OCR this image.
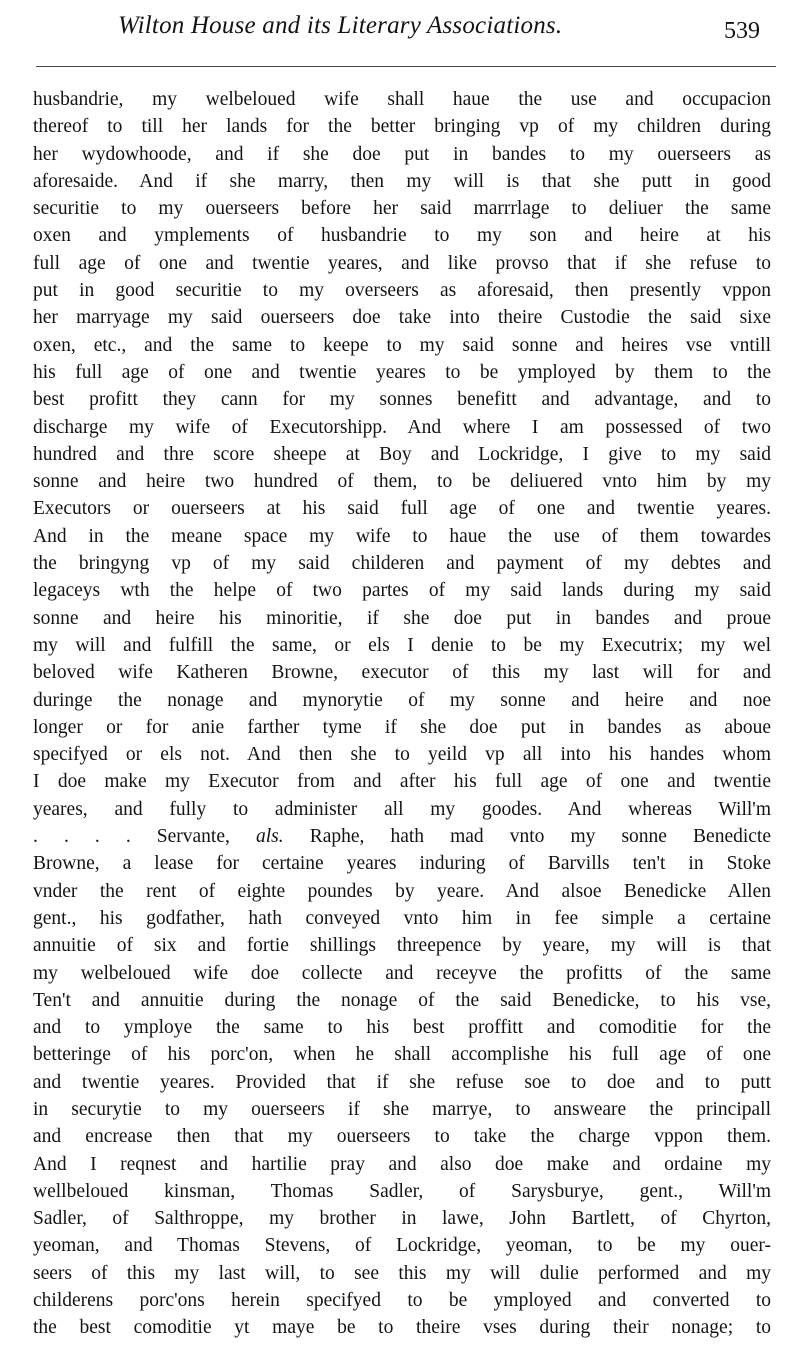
Wilton House and its Literary Associations.	539
husbandrie, my welbeloued wife shall haue the use and occupacion
thereof to till her lands for the better bringing vp of my children during
her wydowhoode, and if she doe put in bandes to my ouerseers as
aforesaide. And if she marry, then my will is that she putt in good
securitie to my ouerseers before her said marrrlage to deliuer the same
oxen and ymplements of husbandrie to my son and heire at his
full age of one and twentie yeares, and like provso that if she refuse to
put in good securitie to my overseers as aforesaid, then presently vppon
her marryage my said ouerseers doe take into theire Custodie the said sixe
oxen, etc., and the same to keepe to my said sonne and heires vse vntill
his full age of one and twentie yeares to be ymployed by them to the
best profitt they cann for my sonnes benefitt and advantage, and to
discharge my wife of Executorshipp. And where I am possessed of two
hundred and thre score sheepe at Boy and Lockridge, I give to my said
sonne and heire two hundred of them, to be deliuered vnto him by my
Executors or ouerseers at his said full age of one and twentie yeares.
And in the meane space my wife to haue the use of them towardes
the bringyng vp of my said childeren and payment of my debtes and
legaceys wth the helpe of two partes of my said lands during my said
sonne and heire his minoritie, if she doe put in bandes and proue
my will and fulfill the same, or els I denie to be my Executrix; my wel
beloved wife Katheren Browne, executor of this my last will for and
duringe the nonage and mynorytie of my sonne and heire and noe
longer or for anie farther tyme if she doe put in bandes as aboue
specifyed or els not. And then she to yeild vp all into his handes whom
I doe make my Executor from and after his full age of one and twentie
yeares, and fully to administer all my goodes. And whereas Will'm
. . . . Servante, als. Raphe, hath mad vnto my sonne Benedicte
Browne, a lease for certaine yeares induring of Barvills ten't in Stoke
vnder the rent of eighte poundes by yeare. And alsoe Benedicke Allen
gent., his godfather, hath conveyed vnto him in fee simple a certaine
annuitie of six and fortie shillings threepence by yeare, my will is that
my welbeloued wife doe collecte and receyve the profitts of the same
Ten't and annuitie during the nonage of the said Benedicke, to his vse,
and to ymploye the same to his best proffitt and comoditie for the
betteringe of his porc'on, when he shall accomplishe his full age of one
and twentie yeares. Provided that if she refuse soe to doe and to putt
in securytie to my ouerseers if she marrye, to answeare the principall
and encrease then that my ouerseers to take the charge vppon them.
And I reqnest and hartilie pray and also doe make and ordaine my
wellbeloued kinsman, Thomas Sadler, of Sarysburye, gent., Will'm
Sadler, of Salthroppe, my brother in lawe, John Bartlett, of Chyrton,
yeoman, and Thomas Stevens, of Lockridge, yeoman, to be my ouer-
seers of this my last will, to see this my will dulie performed and my
childerens porc'ons herein specifyed to be ymployed and converted to
the best comoditie yt maye be to theire vses during their nonage; to
